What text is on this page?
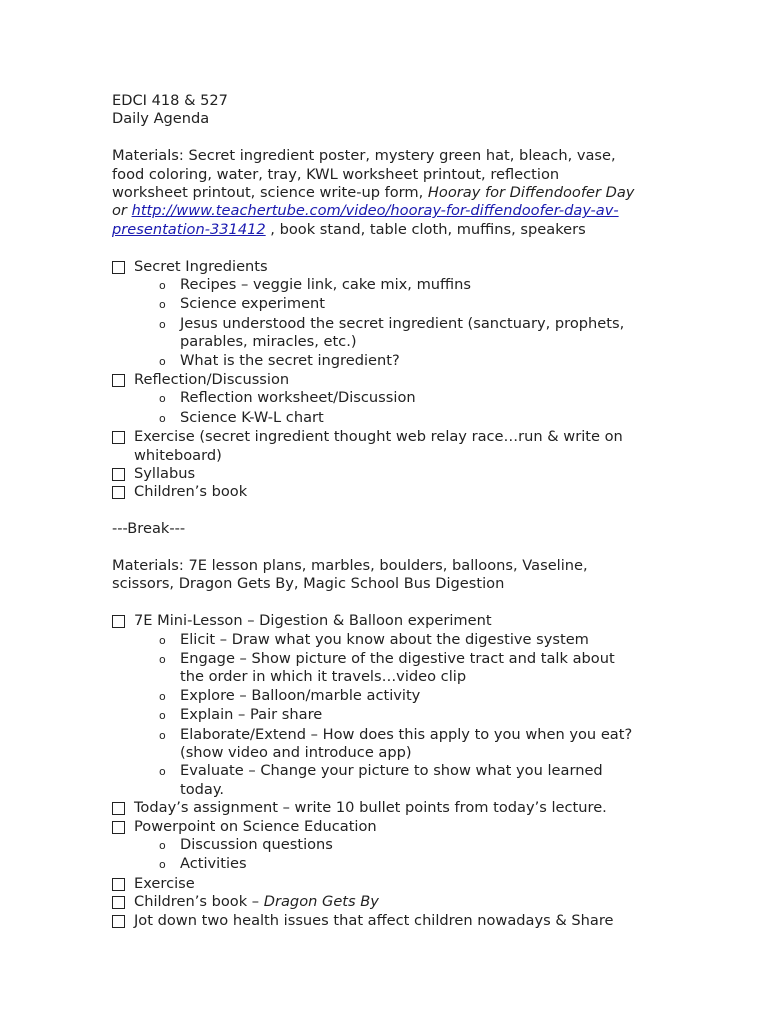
EDCI 418 & 527
Daily Agenda
Materials: Secret ingredient poster, mystery green hat, bleach, vase,
food coloring, water, tray, KWL worksheet printout, reflection
worksheet printout, science write-up form, Hooray for Diffendoofer Day
or http://www.teachertube.com/video/hooray-for-diffendoofer-day-av-
presentation-331412 , book stand, table cloth, muffins, speakers
Secret Ingredients
o Recipes – veggie link, cake mix, muffins
o Science experiment
o Jesus understood the secret ingredient (sanctuary, prophets,
parables, miracles, etc.)
o What is the secret ingredient?
Reflection/Discussion
o Reflection worksheet/Discussion
o Science K-W-L chart
Exercise (secret ingredient thought web relay race…run & write on
whiteboard)
Syllabus
Children’s book
---Break---
Materials: 7E lesson plans, marbles, boulders, balloons, Vaseline,
scissors, Dragon Gets By, Magic School Bus Digestion
7E Mini-Lesson – Digestion & Balloon experiment
o Elicit – Draw what you know about the digestive system
o Engage – Show picture of the digestive tract and talk about
the order in which it travels…video clip
o Explore – Balloon/marble activity
o Explain – Pair share
o Elaborate/Extend – How does this apply to you when you eat?
(show video and introduce app)
o Evaluate – Change your picture to show what you learned
today.
Today’s assignment – write 10 bullet points from today’s lecture.
Powerpoint on Science Education
o Discussion questions
o Activities
Exercise
Children’s book – Dragon Gets By
Jot down two health issues that affect children nowadays & Share
